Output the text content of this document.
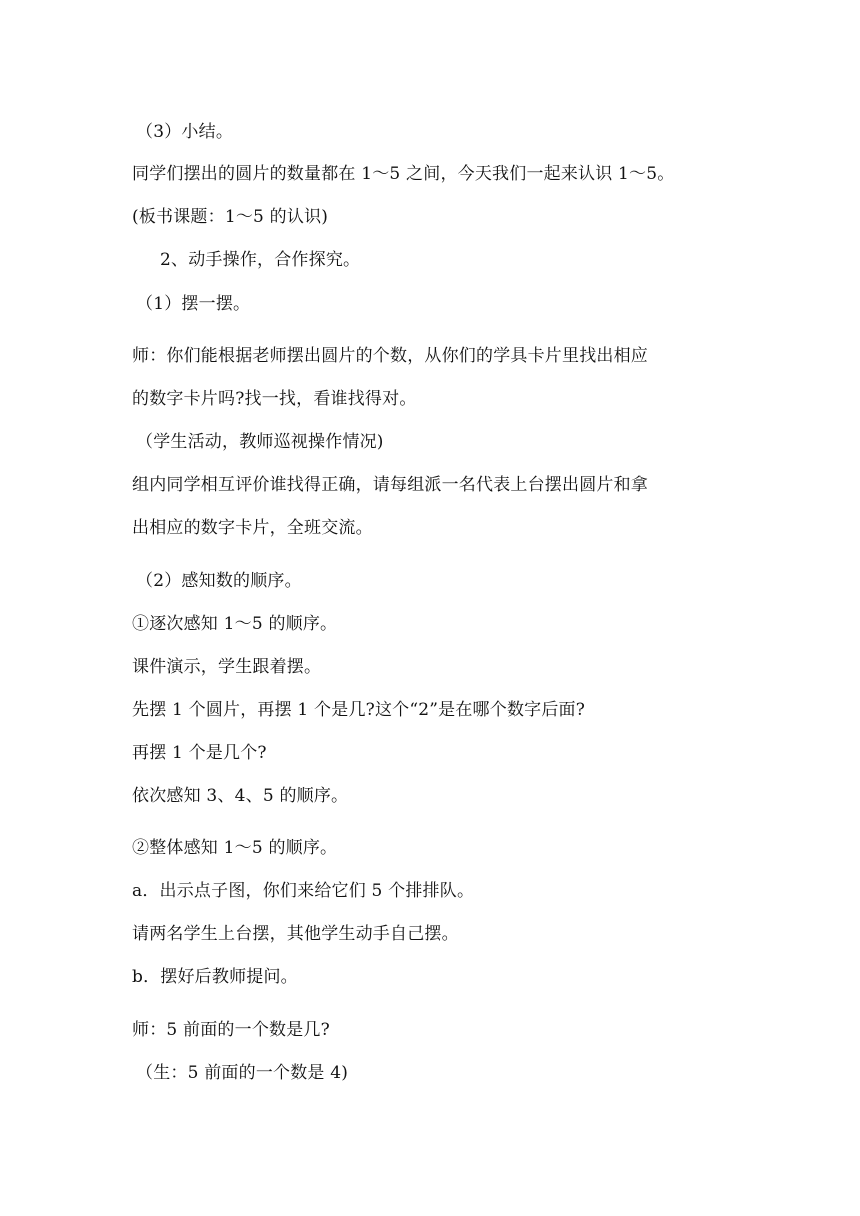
（3）小结。
同学们摆出的圆片的数量都在 1～5 之间，今天我们一起来认识 1～5。
(板书课题：1～5 的认识)
2、动手操作，合作探究。
（1）摆一摆。
师：你们能根据老师摆出圆片的个数，从你们的学具卡片里找出相应
的数字卡片吗?找一找，看谁找得对。
（学生活动，教师巡视操作情况)
组内同学相互评价谁找得正确，请每组派一名代表上台摆出圆片和拿
出相应的数字卡片，全班交流。
（2）感知数的顺序。
①逐次感知 1～5 的顺序。
课件演示，学生跟着摆。
先摆 1 个圆片，再摆 1 个是几?这个“2”是在哪个数字后面?
再摆 1 个是几个?
依次感知 3、4、5 的顺序。
②整体感知 1～5 的顺序。
a．出示点子图，你们来给它们 5 个排排队。
请两名学生上台摆，其他学生动手自己摆。
b．摆好后教师提问。
师：5 前面的一个数是几?
（生：5 前面的一个数是 4)
